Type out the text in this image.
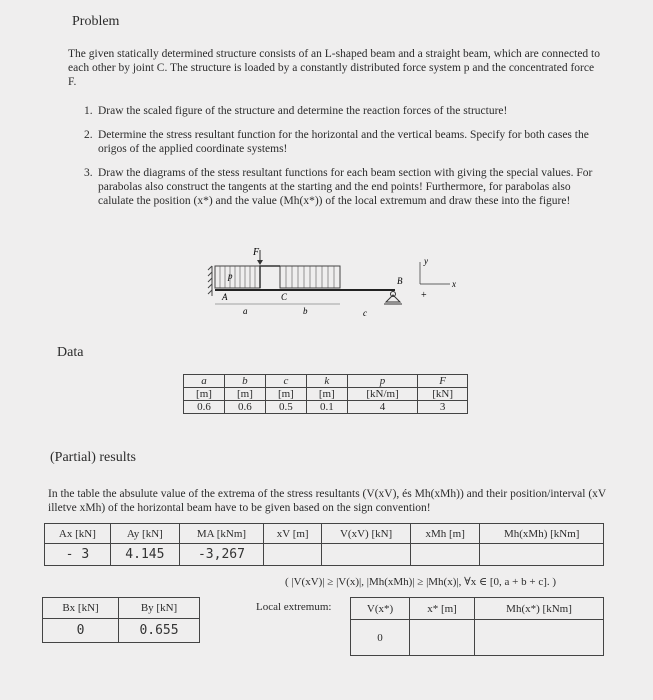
Problem
The given statically determined structure consists of an L-shaped beam and a straight beam, which are connected to each other by joint C. The structure is loaded by a constantly distributed force system p and the concentrated force F.
1. Draw the scaled figure of the structure and determine the reaction forces of the structure!
2. Determine the stress resultant function for the horizontal and the vertical beams. Specify for both cases the origos of the applied coordinate systems!
3. Draw the diagrams of the stess resultant functions for each beam section with giving the special values. For parabolas also construct the tangents at the starting and the end points! Furthermore, for parabolas also calulate the position (x*) and the value (Mh(x*)) of the local extremum and draw these into the figure!
F
p
A	C
B
a	b	c
x
y
+
Data
a	b	c	k	p	F
[m]	[m]	[m]	[m]	[kN/m]	[kN]
0.6	0.6	0.5	0.1	4	3
(Partial) results
In the table the absulute value of the extrema of the stress resultants (V(xV), és Mh(xMh)) and their position/interval (xV illetve xMh) of the horizontal beam have to be given based on the sign convention!
Ax [kN]	Ay [kN]	MA [kNm]	xV [m]	V(xV) [kN]	xMh [m]	Mh(xMh) [kNm]
- 3	4.145	-3,267				
( |V(xV)| ≥ |V(x)|, |Mh(xMh)| ≥ |Mh(x)|, ∀x ∈ [0, a + b + c]. )
Bx [kN]	By [kN]
0	0.655
Local extremum:	V(x*)	x* [m]	Mh(x*) [kNm]
0		
